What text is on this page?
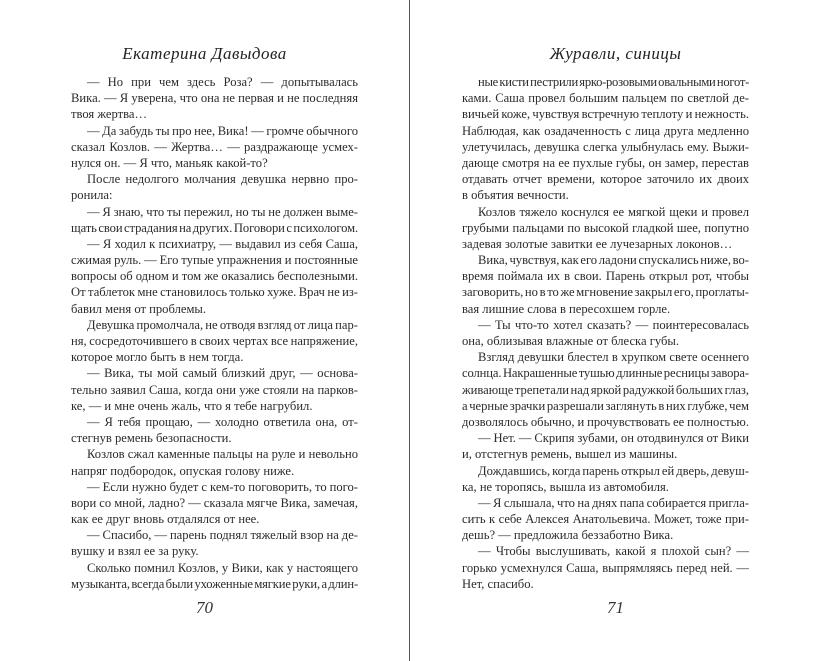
Екатерина Давыдова
— Но при чем здесь Роза? — допытывалась
Вика. — Я уверена, что она не первая и не последняя
твоя жертва…
— Да забудь ты про нее, Вика! — громче обычного
сказал Козлов. — Жертва… — раздражающе усмех-
нулся он. — Я что, маньяк какой-то?
После недолгого молчания девушка нервно про-
ронила:
— Я знаю, что ты пережил, но ты не должен выме-
щать свои страдания на других. Поговори с психологом.
— Я ходил к психиатру, — выдавил из себя Саша,
сжимая руль. — Его тупые упражнения и постоянные
вопросы об одном и том же оказались бесполезными.
От таблеток мне становилось только хуже. Врач не из-
бавил меня от проблемы.
Девушка промолчала, не отводя взгляд от лица пар-
ня, сосредоточившего в своих чертах все напряжение,
которое могло быть в нем тогда.
— Вика, ты мой самый близкий друг, — основа-
тельно заявил Саша, когда они уже стояли на парков-
ке, — и мне очень жаль, что я тебе нагрубил.
— Я тебя прощаю, — холодно ответила она, от-
стегнув ремень безопасности.
Козлов сжал каменные пальцы на руле и невольно
напряг подбородок, опуская голову ниже.
— Если нужно будет с кем-то поговорить, то пого-
вори со мной, ладно? — сказала мягче Вика, замечая,
как ее друг вновь отдалялся от нее.
— Спасибо, — парень поднял тяжелый взор на де-
вушку и взял ее за руку.
Сколько помнил Козлов, у Вики, как у настоящего
музыканта, всегда были ухоженные мягкие руки, а длин-
70
Журавли, синицы
ные кисти пестрили ярко-розовыми овальными ногот-
ками. Саша провел большим пальцем по светлой де-
вичьей коже, чувствуя встречную теплоту и нежность.
Наблюдая, как озадаченность с лица друга медленно
улетучилась, девушка слегка улыбнулась ему. Выжи-
дающе смотря на ее пухлые губы, он замер, перестав
отдавать отчет времени, которое заточило их двоих
в объятия вечности.
Козлов тяжело коснулся ее мягкой щеки и провел
грубыми пальцами по высокой гладкой шее, попутно
задевая золотые завитки ее лучезарных локонов…
Вика, чувствуя, как его ладони спускались ниже, во-
время поймала их в свои. Парень открыл рот, чтобы
заговорить, но в то же мгновение закрыл его, проглаты-
вая лишние слова в пересохшем горле.
— Ты что-то хотел сказать? — поинтересовалась
она, облизывая влажные от блеска губы.
Взгляд девушки блестел в хрупком свете осеннего
солнца. Накрашенные тушью длинные ресницы завора-
живающе трепетали над яркой радужкой больших глаз,
а черные зрачки разрешали заглянуть в них глубже, чем
дозволялось обычно, и прочувствовать ее полностью.
— Нет. — Скрипя зубами, он отодвинулся от Вики
и, отстегнув ремень, вышел из машины.
Дождавшись, когда парень открыл ей дверь, девуш-
ка, не торопясь, вышла из автомобиля.
— Я слышала, что на днях папа собирается пригла-
сить к себе Алексея Анатольевича. Может, тоже при-
дешь? — предложила беззаботно Вика.
— Чтобы выслушивать, какой я плохой сын? —
горько усмехнулся Саша, выпрямляясь перед ней. —
Нет, спасибо.
71
